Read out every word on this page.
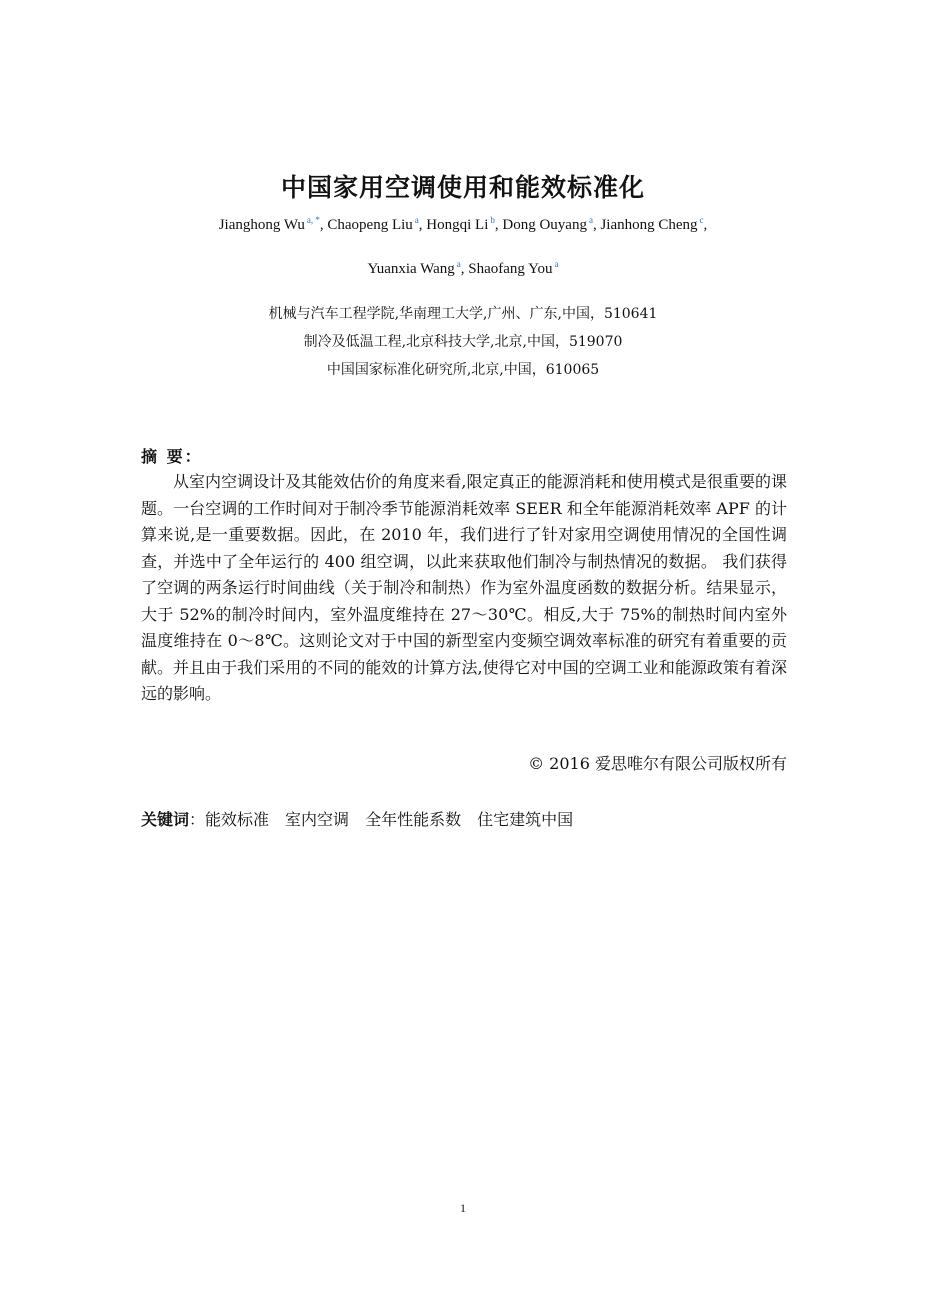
中国家用空调使用和能效标准化

Jianghong Wu $^{a, *}$, Chaopeng Liu $^a$, Hongqi Li $^b$, Dong Ouyang $^a$, Jianhong Cheng $^c$,

Yuanxia Wang $^a$, Shaofang You $^a$

机械与汽车工程学院,华南理工大学,广州、广东,中国，510641

制冷及低温工程,北京科技大学,北京,中国，519070

中国国家标准化研究所,北京,中国，610065

摘 要：

从室内空调设计及其能效估价的角度来看,限定真正的能源消耗和使用模式是很重要的课题。一台空调的工作时间对于制冷季节能源消耗效率 SEER 和全年能源消耗效率 APF 的计算来说,是一重要数据。因此，在 2010 年，我们进行了针对家用空调使用情况的全国性调查，并选中了全年运行的 400 组空调，以此来获取他们制冷与制热情况的数据。 我们获得了空调的两条运行时间曲线（关于制冷和制热）作为室外温度函数的数据分析。结果显示，大于 52%的制冷时间内，室外温度维持在 27～30℃。相反,大于 75%的制热时间内室外温度维持在 0～8℃。这则论文对于中国的新型室内变频空调效率标准的研究有着重要的贡献。并且由于我们采用的不同的能效的计算方法,使得它对中国的空调工业和能源政策有着深远的影响。

© 2016 爱思唯尔有限公司版权所有

关键词：能效标准 室内空调 全年性能系数 住宅建筑中国

1
